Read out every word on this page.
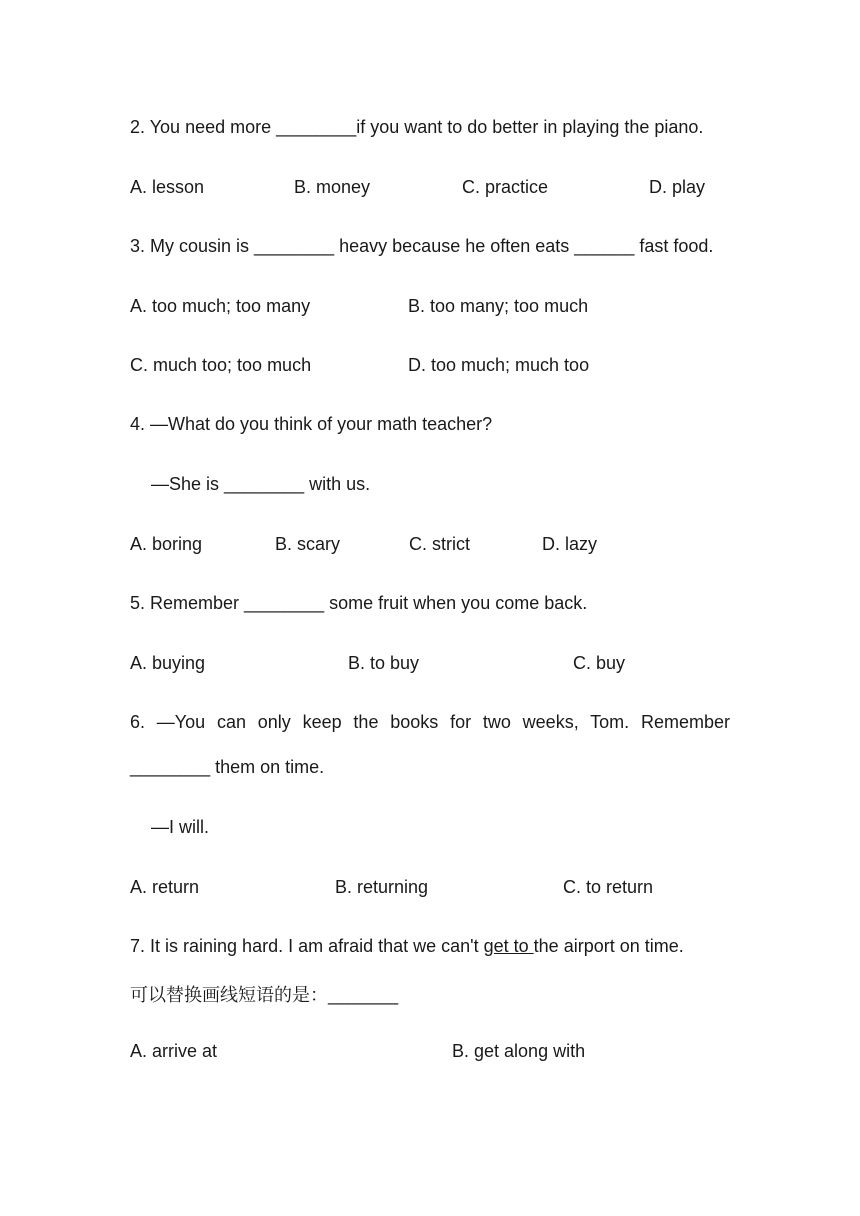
2. You need more ________if you want to do better in playing the piano.
A. lesson	B. money	C. practice	D. play
3. My cousin is ________ heavy because he often eats ______ fast food.
A. too much; too many	B. too many; too much
C. much too; too much	D. too much; much too
4. —What do you think of your math teacher?
—She is ________ with us.
A. boring	B. scary	C. strict	D. lazy
5. Remember ________ some fruit when you come back.
A. buying	B. to buy	C. buy
6. —You can only keep the books for two weeks, Tom. Remember
________ them on time.
—I will.
A. return	B. returning	C. to return
7. It is raining hard. I am afraid that we can't get to the airport on time.
可以替换画线短语的是：_______
A. arrive at	B. get along with
